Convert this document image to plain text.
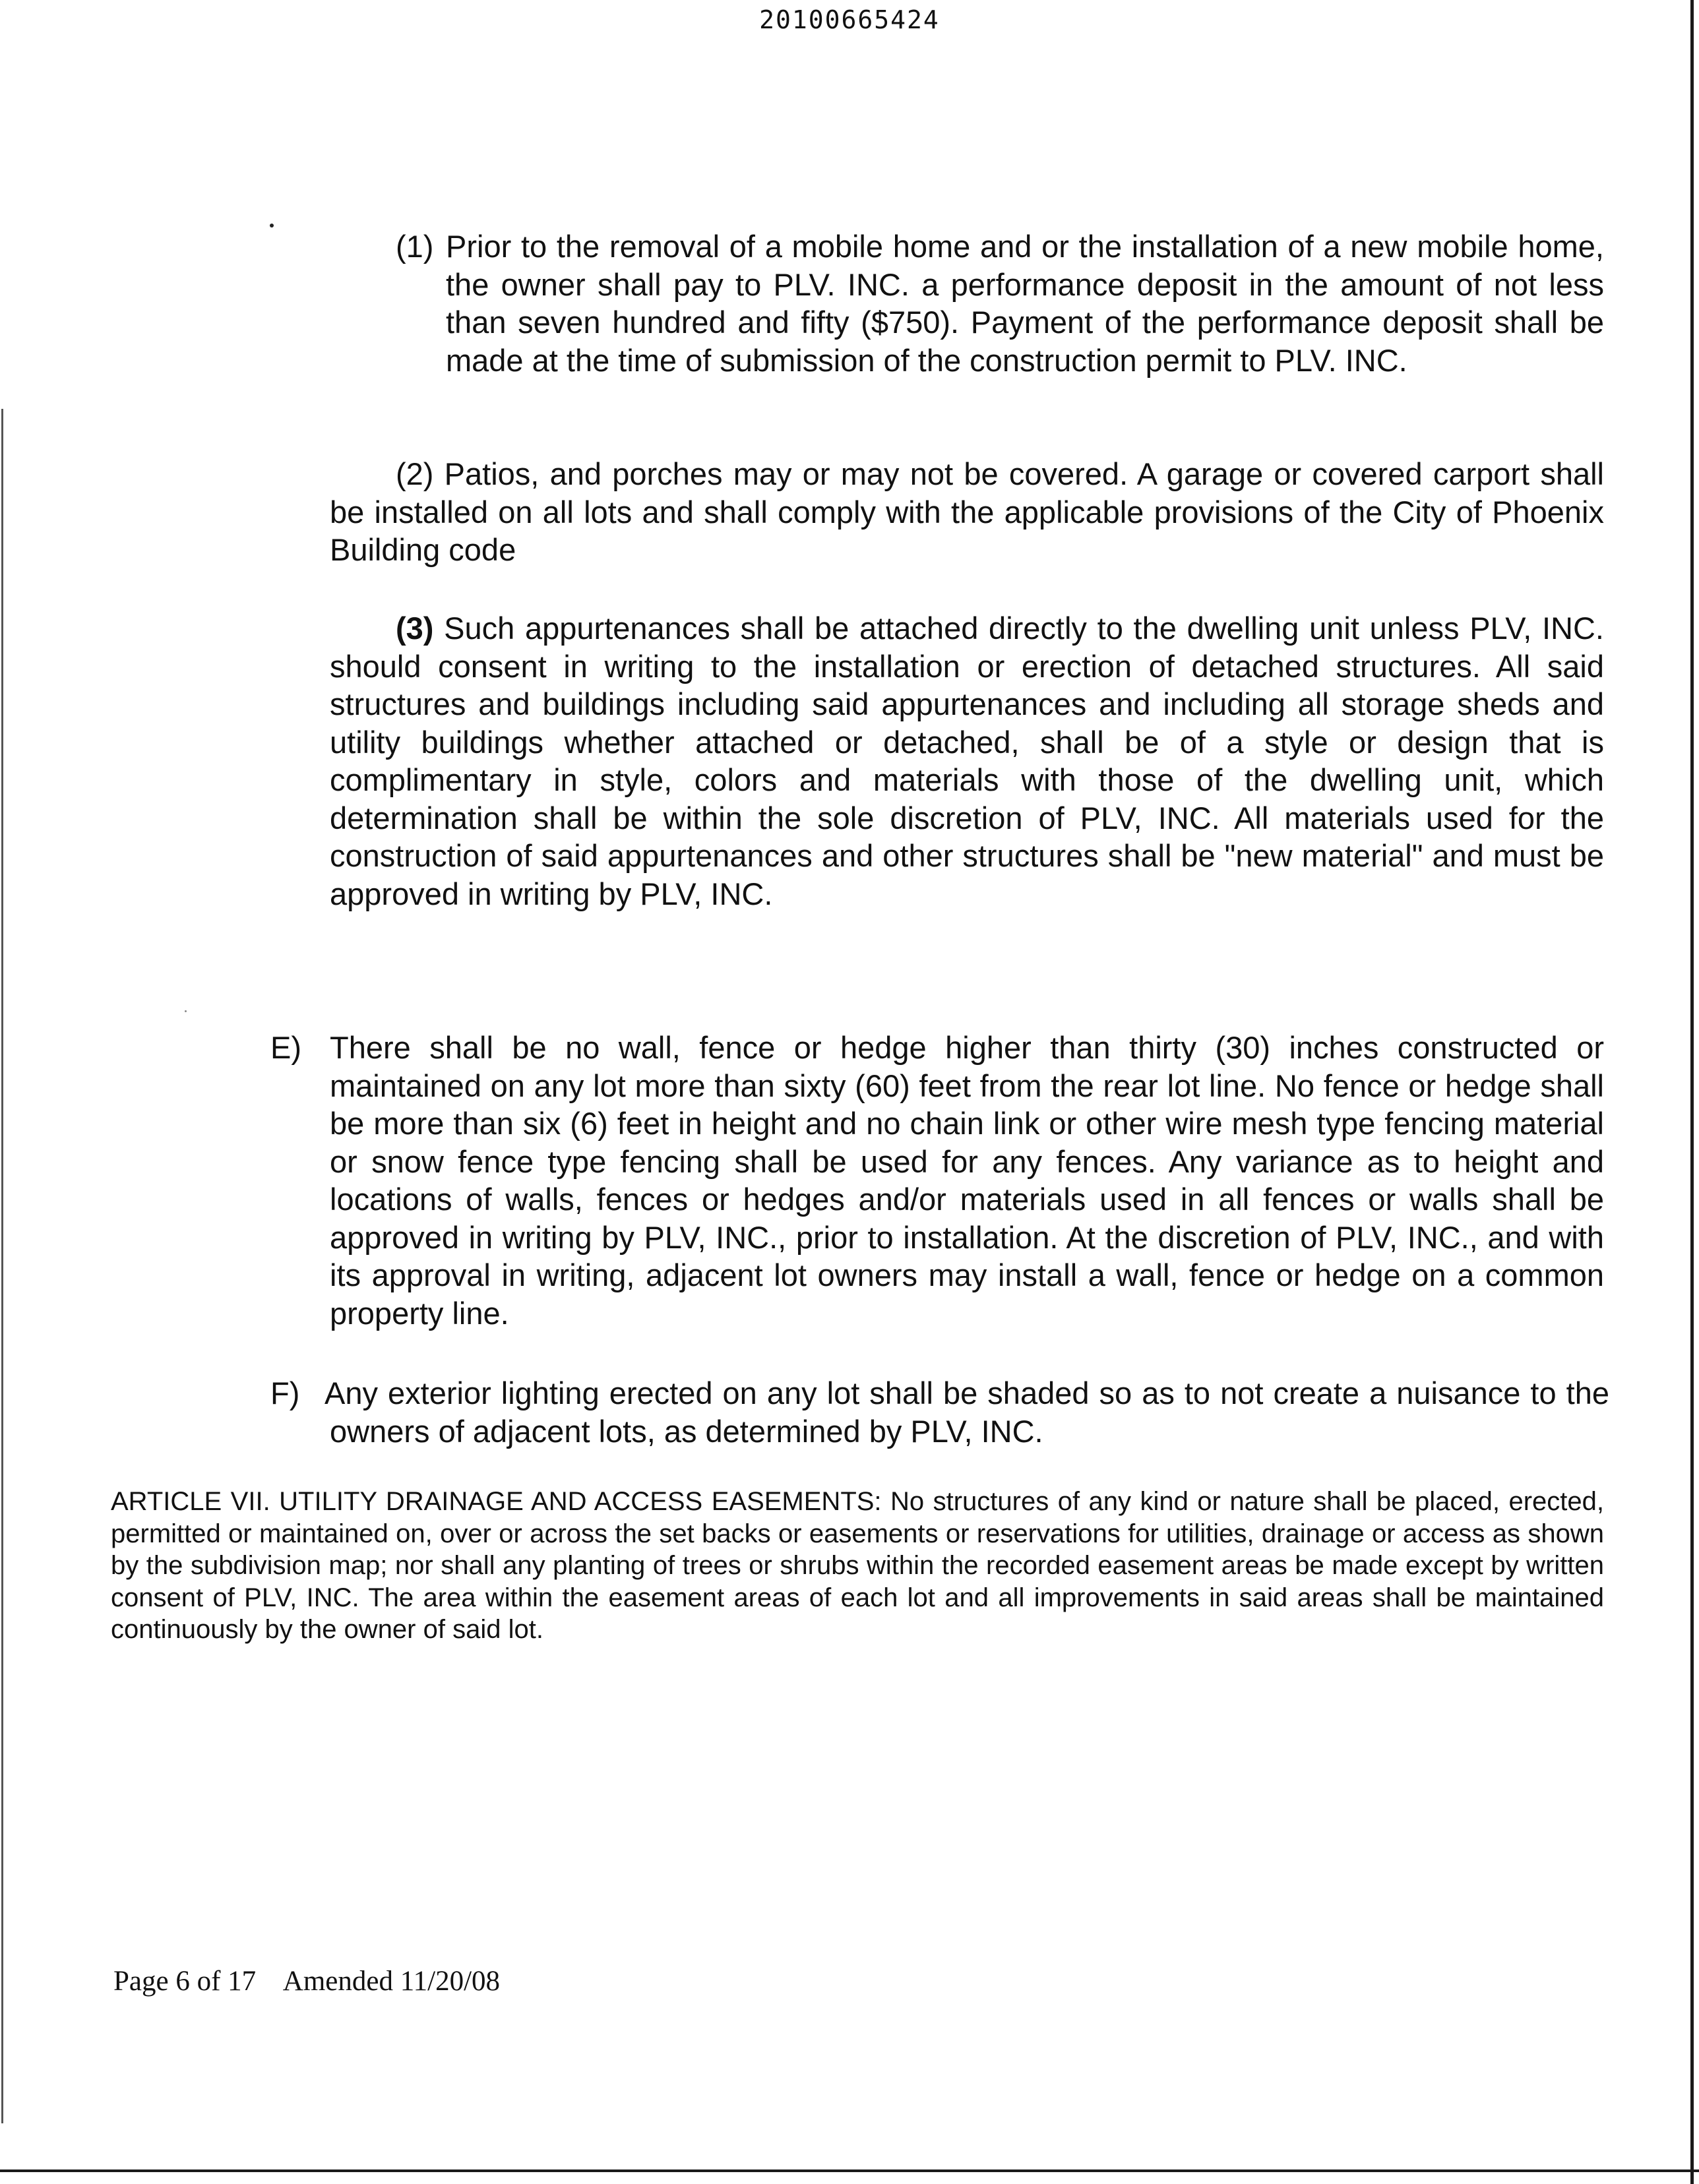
20100665424
(1) Prior to the removal of a mobile home and or the installation of a new mobile home, the owner shall pay to PLV. INC. a performance deposit in the amount of not less than seven hundred and fifty ($750). Payment of the performance deposit shall be made at the time of submission of the construction permit to PLV. INC.
(2) Patios, and porches may or may not be covered. A garage or covered carport shall be installed on all lots and shall comply with the applicable provisions of the City of Phoenix Building code
(3) Such appurtenances shall be attached directly to the dwelling unit unless PLV, INC. should consent in writing to the installation or erection of detached structures. All said structures and buildings including said appurtenances and including all storage sheds and utility buildings whether attached or detached, shall be of a style or design that is complimentary in style, colors and materials with those of the dwelling unit, which determination shall be within the sole discretion of PLV, INC. All materials used for the construction of said appurtenances and other structures shall be "new material" and must be approved in writing by PLV, INC.
E) There shall be no wall, fence or hedge higher than thirty (30) inches constructed or maintained on any lot more than sixty (60) feet from the rear lot line. No fence or hedge shall be more than six (6) feet in height and no chain link or other wire mesh type fencing material or snow fence type fencing shall be used for any fences. Any variance as to height and locations of walls, fences or hedges and/or materials used in all fences or walls shall be approved in writing by PLV, INC., prior to installation. At the discretion of PLV, INC., and with its approval in writing, adjacent lot owners may install a wall, fence or hedge on a common property line.
F) Any exterior lighting erected on any lot shall be shaded so as to not create a nuisance to the owners of adjacent lots, as determined by PLV, INC.
ARTICLE VII. UTILITY DRAINAGE AND ACCESS EASEMENTS: No structures of any kind or nature shall be placed, erected, permitted or maintained on, over or across the set backs or easements or reservations for utilities, drainage or access as shown by the subdivision map; nor shall any planting of trees or shrubs within the recorded easement areas be made except by written consent of PLV, INC. The area within the easement areas of each lot and all improvements in said areas shall be maintained continuously by the owner of said lot.
Page 6 of 17 Amended 11/20/08
